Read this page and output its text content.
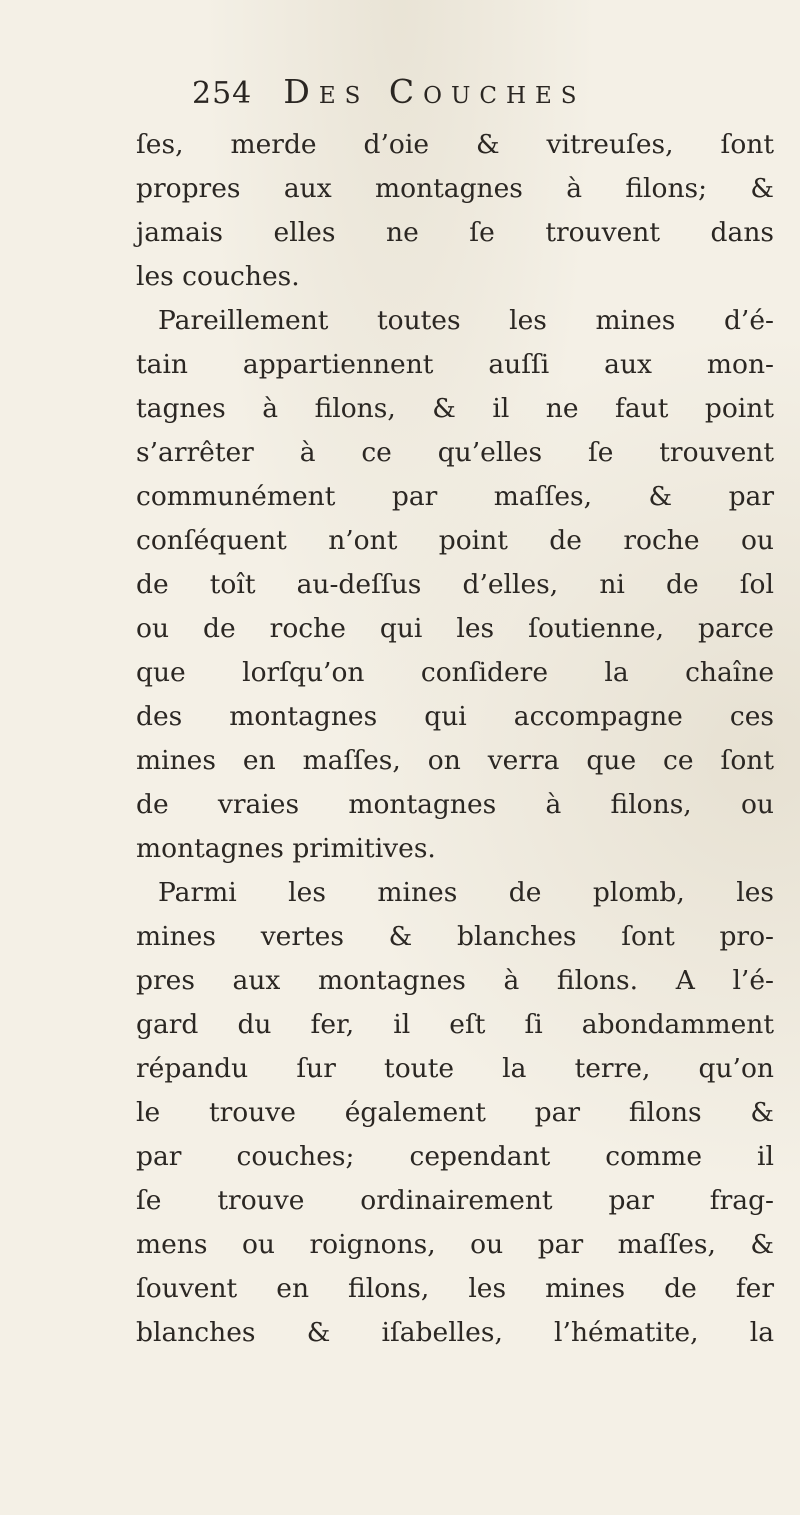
254 Des Couches
ſes, merde d’oie & vitreuſes, ſont
propres aux montagnes à filons; &
jamais elles ne ſe trouvent dans
les couches.
Pareillement toutes les mines d’é-
tain appartiennent auſſi aux mon-
tagnes à filons, & il ne faut point
s’arrêter à ce qu’elles ſe trouvent
communément par maſſes, & par
conſéquent n’ont point de roche ou
de toît au-deſſus d’elles, ni de ſol
ou de roche qui les ſoutienne, parce
que lorſqu’on conſidere la chaîne
des montagnes qui accompagne ces
mines en maſſes, on verra que ce ſont
de vraies montagnes à filons, ou
montagnes primitives.
Parmi les mines de plomb, les
mines vertes & blanches ſont pro-
pres aux montagnes à filons. A l’é-
gard du fer, il eſt ſi abondamment
répandu ſur toute la terre, qu’on
le trouve également par filons &
par couches; cependant comme il
ſe trouve ordinairement par frag-
mens ou roignons, ou par maſſes, &
ſouvent en filons, les mines de fer
blanches & iſabelles, l’hématite, la
